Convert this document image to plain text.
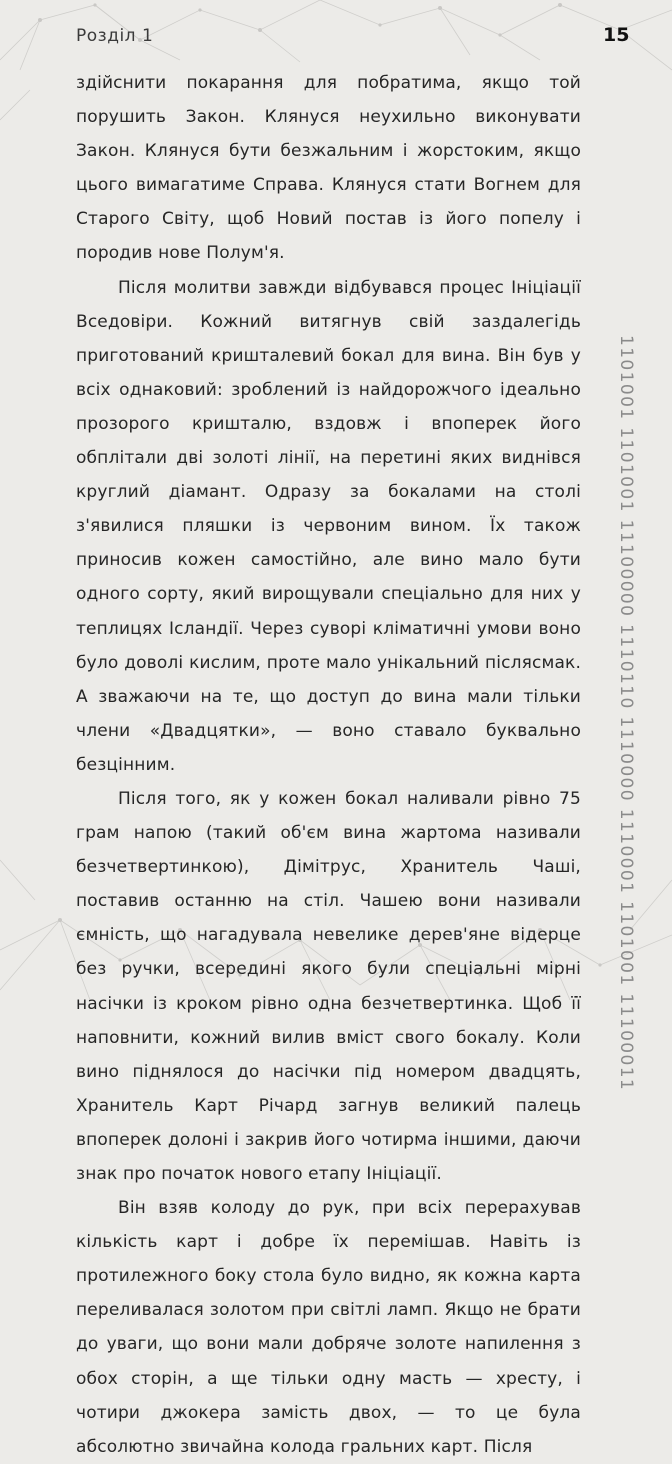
Розділ 1	15

здійснити покарання для побратима, якщо той порушить Закон. Клянуся неухильно виконувати Закон. Клянуся бути безжальним і жорстоким, якщо цього вимагатиме Справа. Клянуся стати Вогнем для Старого Світу, щоб Новий постав із його попелу і породив нове Полум'я.

Після молитви завжди відбувався процес Ініціації Вседовіри. Кожний витягнув свій заздалегідь приготований кришталевий бокал для вина. Він був у всіх однаковий: зроблений із найдорожчого ідеально прозорого кришталю, вздовж і впоперек його обплітали дві золоті лінії, на перетині яких виднівся круглий діамант. Одразу за бокалами на столі з'явилися пляшки із червоним вином. Їх також приносив кожен самостійно, але вино мало бути одного сорту, який вирощували спеціально для них у теплицях Ісландії. Через суворі кліматичні умови воно було доволі кислим, проте мало унікальний післясмак. А зважаючи на те, що доступ до вина мали тільки члени «Двадцятки», — воно ставало буквально безцінним.

Після того, як у кожен бокал наливали рівно 75 грам напою (такий об'єм вина жартома називали безчетвертинкою), Дімітрус, Хранитель Чаші, поставив останню на стіл. Чашею вони називали ємність, що нагадувала невелике дерев'яне відерце без ручки, всередині якого були спеціальні мірні насічки із кроком рівно одна безчетвертинка. Щоб її наповнити, кожний вилив вміст свого бокалу. Коли вино піднялося до насічки під номером двадцять, Хранитель Карт Річард загнув великий палець впоперек долоні і закрив його чотирма іншими, даючи знак про початок нового етапу Ініціації.

Він взяв колоду до рук, при всіх перерахував кількість карт і добре їх перемішав. Навіть із протилежного боку стола було видно, як кожна карта переливалася золотом при світлі ламп. Якщо не брати до уваги, що вони мали добряче золоте напилення з обох сторін, а ще тільки одну масть — хресту, і чотири джокера замість двох, — то це була абсолютно звичайна колода гральних карт. Після

1101001 1101001 11100000 1110110 1110000 1110001 1101001 11100011
